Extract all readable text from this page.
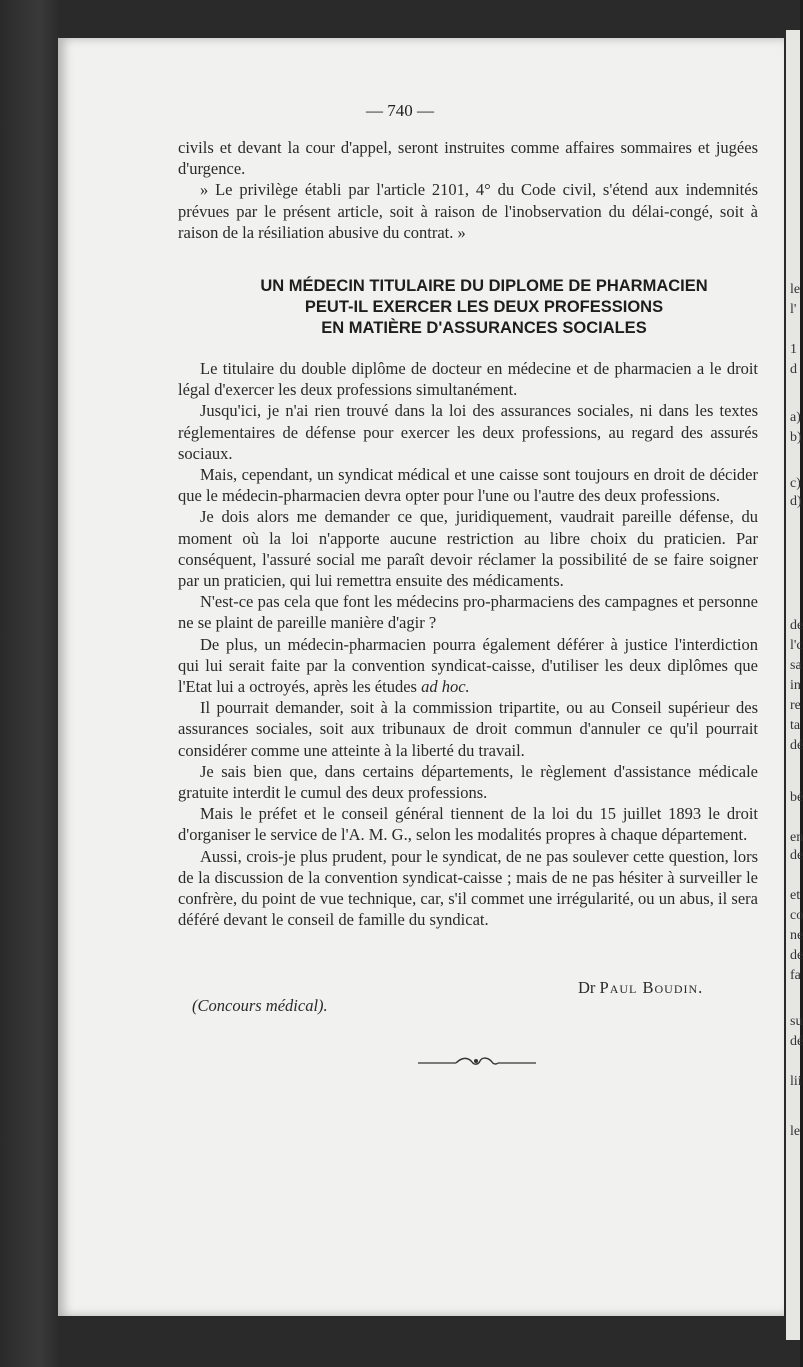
le
l'
1
d
a)
b)
c)
d)
de
l'c
sa
in
re
ta
dé
bé
en
de
et
co
ne
de
fa
su
dé
lii
le
— 740 —

civils et devant la cour d'appel, seront instruites comme affaires sommaires et jugées d'urgence.

» Le privilège établi par l'article 2101, 4° du Code civil, s'étend aux indemnités prévues par le présent article, soit à raison de l'inobservation du délai-congé, soit à raison de la résiliation abusive du contrat. »

UN MÉDECIN TITULAIRE DU DIPLOME DE PHARMACIEN
PEUT-IL EXERCER LES DEUX PROFESSIONS
EN MATIÈRE D'ASSURANCES SOCIALES

Le titulaire du double diplôme de docteur en médecine et de pharmacien a le droit légal d'exercer les deux professions simultanément.

Jusqu'ici, je n'ai rien trouvé dans la loi des assurances sociales, ni dans les textes réglementaires de défense pour exercer les deux professions, au regard des assurés sociaux.

Mais, cependant, un syndicat médical et une caisse sont toujours en droit de décider que le médecin-pharmacien devra opter pour l'une ou l'autre des deux professions.

Je dois alors me demander ce que, juridiquement, vaudrait pareille défense, du moment où la loi n'apporte aucune restriction au libre choix du praticien. Par conséquent, l'assuré social me paraît devoir réclamer la possibilité de se faire soigner par un praticien, qui lui remettra ensuite des médicaments.

N'est-ce pas cela que font les médecins pro-pharmaciens des campagnes et personne ne se plaint de pareille manière d'agir ?

De plus, un médecin-pharmacien pourra également déférer à justice l'interdiction qui lui serait faite par la convention syndicat-caisse, d'utiliser les deux diplômes que l'Etat lui a octroyés, après les études ad hoc.

Il pourrait demander, soit à la commission tripartite, ou au Conseil supérieur des assurances sociales, soit aux tribunaux de droit commun d'annuler ce qu'il pourrait considérer comme une atteinte à la liberté du travail.

Je sais bien que, dans certains départements, le règlement d'assistance médicale gratuite interdit le cumul des deux professions.

Mais le préfet et le conseil général tiennent de la loi du 15 juillet 1893 le droit d'organiser le service de l'A. M. G., selon les modalités propres à chaque département.

Aussi, crois-je plus prudent, pour le syndicat, de ne pas soulever cette question, lors de la discussion de la convention syndicat-caisse ; mais de ne pas hésiter à surveiller le confrère, du point de vue technique, car, s'il commet une irrégularité, ou un abus, il sera déféré devant le conseil de famille du syndicat.

Dr Paul Boudin.
(Concours médical).
